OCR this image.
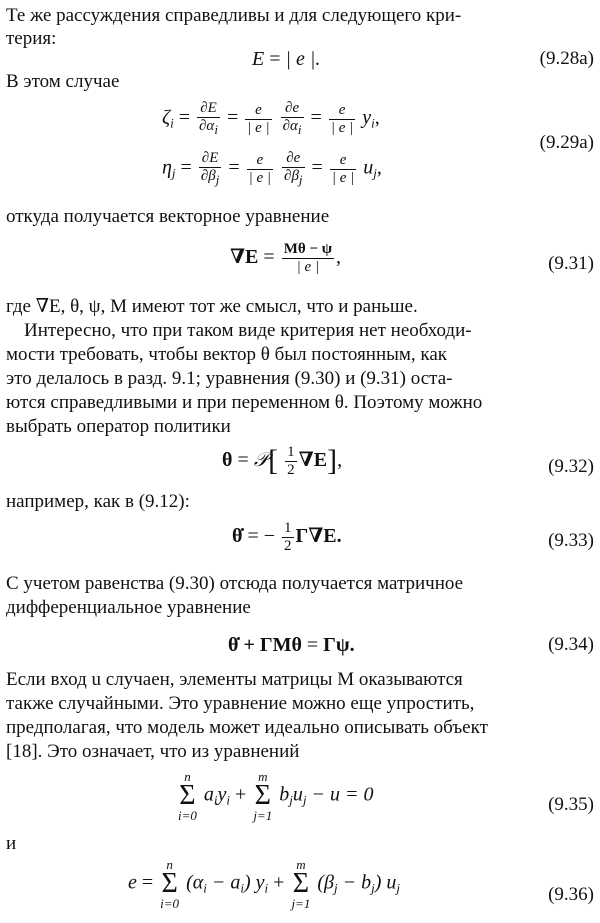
Те же рассуждения справедливы и для следующего кри-

терия:

E = | e |.	(9.28a)

В этом случае

$\zeta_i = \frac{\partial E}{\partial\alpha i} = \frac{e}{| e |}$
$\frac{\partial e}{\partial\alpha i} = \frac{e}{| e |} y_i$,
(9.29a)
$\eta_j = \frac{\partial E}{\partial\beta j} = \frac{e}{| e |}$
$\frac{\partial e}{\partial\beta j} = \frac{e}{| e |} u_j$,

откуда получается векторное уравнение

$\nabla E = \frac{M\theta - \psi}{| e |}$ ,	(9.31)

где ∇E, θ, ψ, M имеют тот же смысл, что и раньше.

Интересно, что при таком виде критерия нет необходи-

мости требовать, чтобы вектор θ был постоянным, как

это делалось в разд. 9.1; уравнения (9.30) и (9.31) оста-

ются справедливыми и при переменном θ. Поэтому можно

выбрать оператор политики

θ = 𝒫[ $\frac{1}{2} \nabla E$],	(9.32)

например, как в (9.12):

θ̇ = − $\frac{1}{2} \Gamma\nabla E$.	(9.33)

С учетом равенства (9.30) отсюда получается матричное

дифференциальное уравнение

θ̇ + ΓMθ = Γψ.	(9.34)

Если вход u случаен, элементы матрицы M оказываются

также случайными. Это уравнение можно еще упростить,

предполагая, что модель может идеально описывать объект

[18]. Это означает, что из уравнений

n
Σ
i=0
$a_iy_i$ +
m
Σ
j=1
$b_ju_j - u = 0$	(9.35)

и

e =
n
Σ
i=0
$(\alpha_i - a_i) y_i$ +
m
Σ
j=1
$(\beta_j - b_j)$ $u_j$	(9.36)
